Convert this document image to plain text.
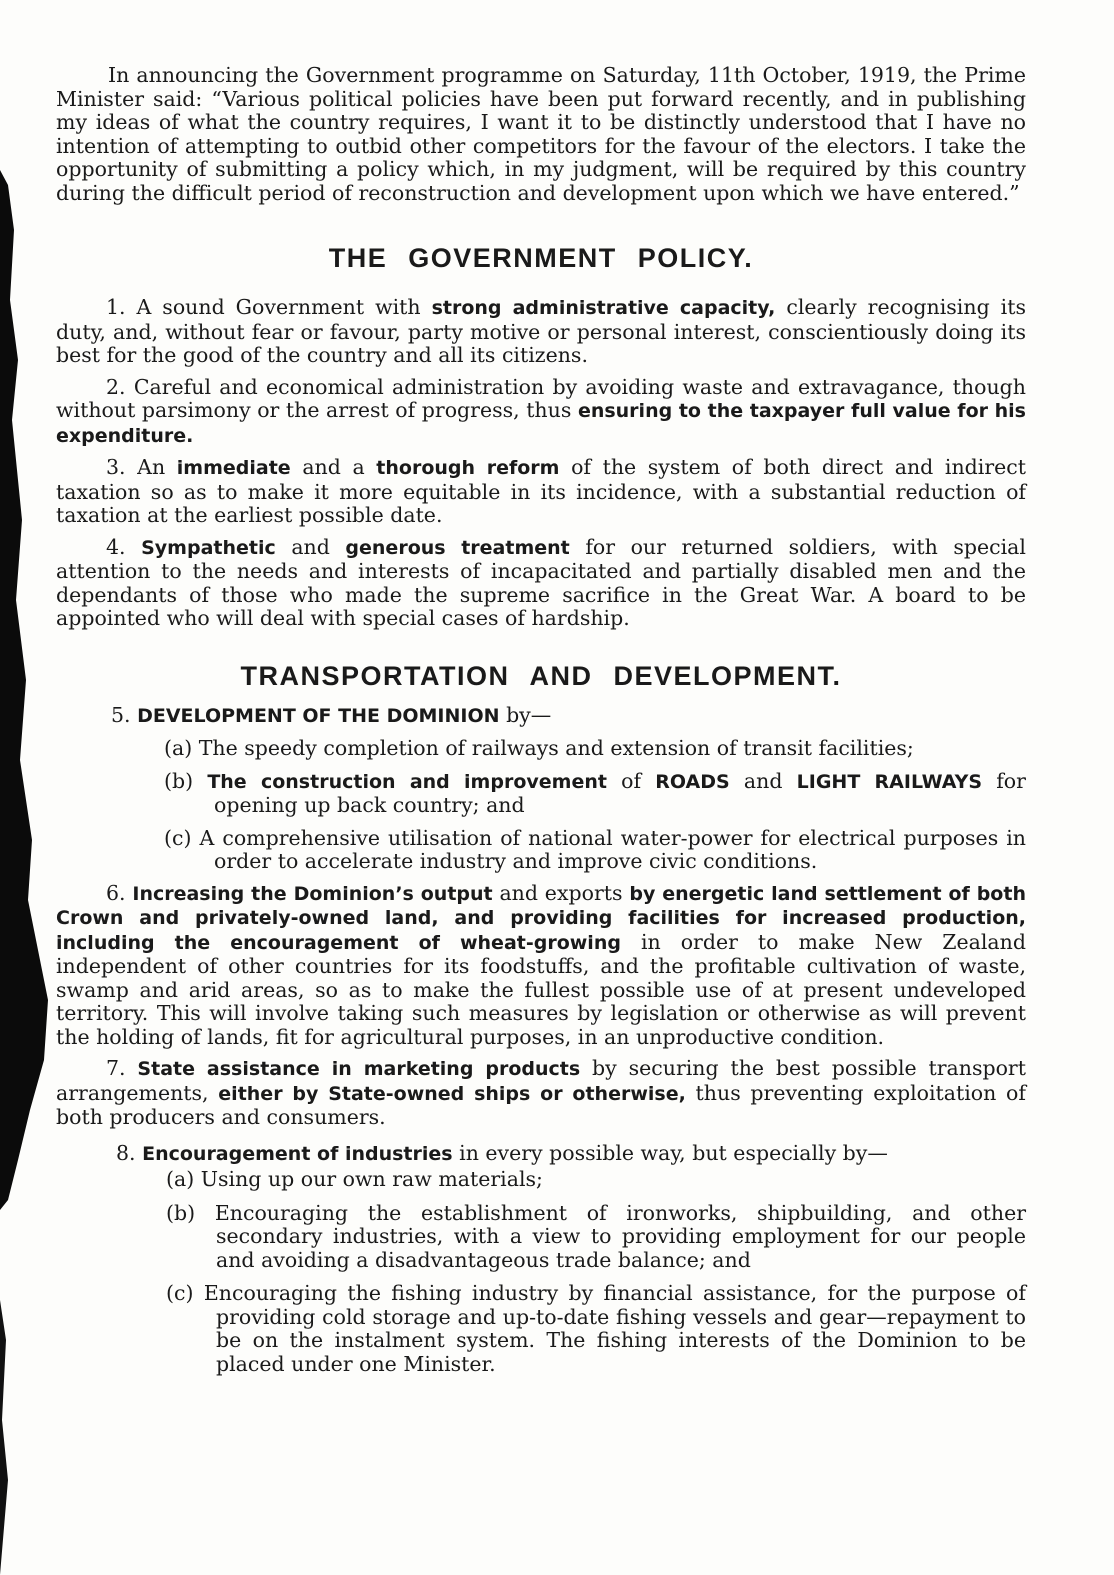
In announcing the Government programme on Saturday, 11th October, 1919, the Prime Minister said: “Various political policies have been put forward recently, and in publishing my ideas of what the country requires, I want it to be distinctly understood that I have no intention of attempting to outbid other competitors for the favour of the electors. I take the opportunity of submitting a policy which, in my judgment, will be required by this country during the difficult period of reconstruction and development upon which we have entered.”

THE GOVERNMENT POLICY.

1. A sound Government with strong administrative capacity, clearly recognising its duty, and, without fear or favour, party motive or personal interest, conscientiously doing its best for the good of the country and all its citizens.

2. Careful and economical administration by avoiding waste and extravagance, though without parsimony or the arrest of progress, thus ensuring to the taxpayer full value for his expenditure.

3. An immediate and a thorough reform of the system of both direct and indirect taxation so as to make it more equitable in its incidence, with a substantial reduction of taxation at the earliest possible date.

4. Sympathetic and generous treatment for our returned soldiers, with special attention to the needs and interests of incapacitated and partially disabled men and the dependants of those who made the supreme sacrifice in the Great War. A board to be appointed who will deal with special cases of hardship.

TRANSPORTATION AND DEVELOPMENT.

5. DEVELOPMENT OF THE DOMINION by—

(a) The speedy completion of railways and extension of transit facilities;

(b) The construction and improvement of ROADS and LIGHT RAILWAYS for opening up back country; and

(c) A comprehensive utilisation of national water-power for electrical purposes in order to accelerate industry and improve civic conditions.

6. Increasing the Dominion’s output and exports by energetic land settlement of both Crown and privately-owned land, and providing facilities for increased production, including the encouragement of wheat-growing in order to make New Zealand independent of other countries for its foodstuffs, and the profitable cultivation of waste, swamp and arid areas, so as to make the fullest possible use of at present undeveloped territory. This will involve taking such measures by legislation or otherwise as will prevent the holding of lands, fit for agricultural purposes, in an unproductive condition.

7. State assistance in marketing products by securing the best possible transport arrangements, either by State-owned ships or otherwise, thus preventing exploitation of both producers and consumers.

8. Encouragement of industries in every possible way, but especially by—

(a) Using up our own raw materials;

(b) Encouraging the establishment of ironworks, shipbuilding, and other secondary industries, with a view to providing employment for our people and avoiding a disadvantageous trade balance; and

(c) Encouraging the fishing industry by financial assistance, for the purpose of providing cold storage and up-to-date fishing vessels and gear—repayment to be on the instalment system. The fishing interests of the Dominion to be placed under one Minister.
